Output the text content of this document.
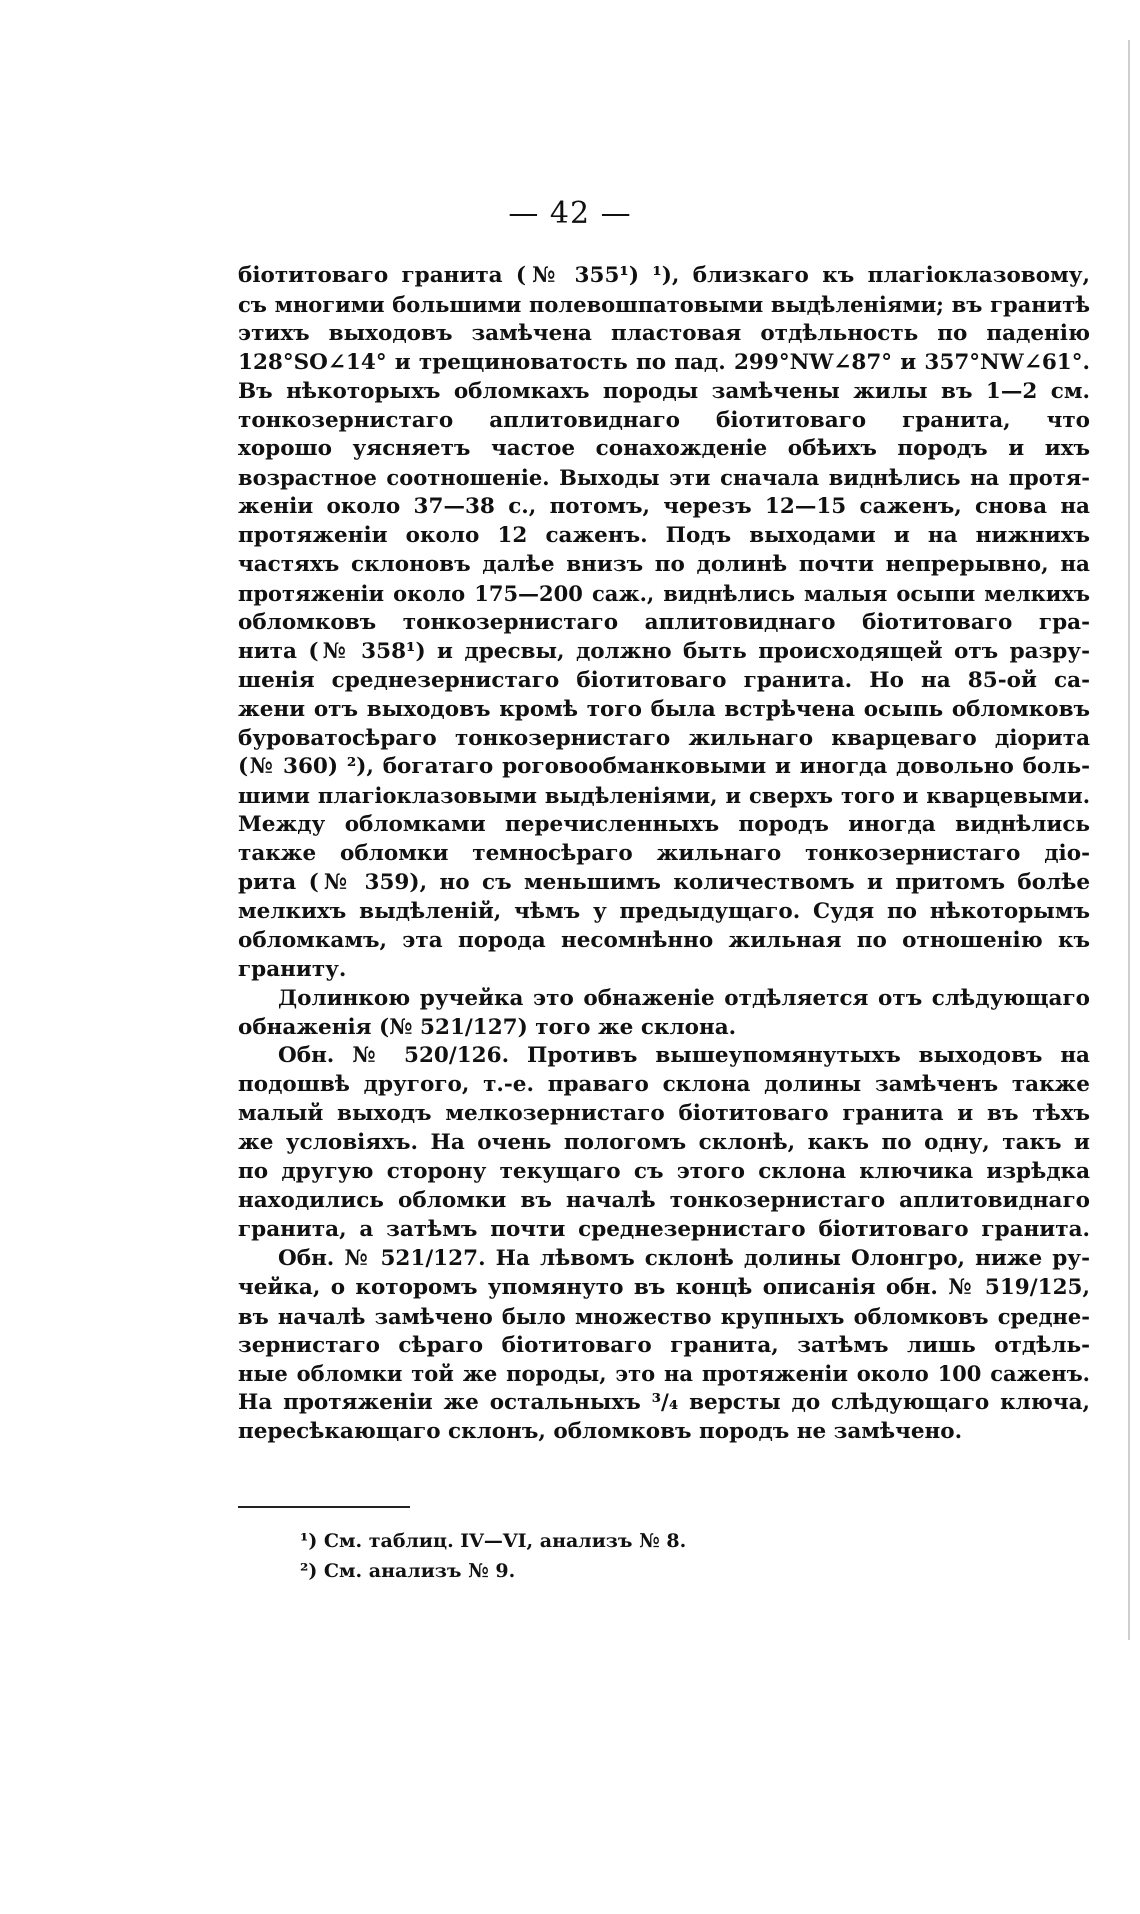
— 42 —
біотитоваго гранита (№ 355¹) ¹), близкаго къ плагіоклазовому,
съ многими большими полевошпатовыми выдѣленіями; въ гранитѣ
этихъ выходовъ замѣчена пластовая отдѣльность по паденію
128°SO∠14° и трещиноватость по пад. 299°NW∠87° и 357°NW∠61°.
Въ нѣкоторыхъ обломкахъ породы замѣчены жилы въ 1—2 см.
тонкозернистаго аплитовиднаго біотитоваго гранита, что
хорошо уясняетъ частое сонахожденіе обѣихъ породъ и ихъ
возрастное соотношеніе. Выходы эти сначала виднѣлись на протя-
женіи около 37—38 с., потомъ, черезъ 12—15 саженъ, снова на
протяженіи около 12 саженъ. Подъ выходами и на нижнихъ
частяхъ склоновъ далѣе внизъ по долинѣ почти непрерывно, на
протяженіи около 175—200 саж., виднѣлись малыя осыпи мелкихъ
обломковъ тонкозернистаго аплитовиднаго біотитоваго гра-
нита (№ 358¹) и дресвы, должно быть происходящей отъ разру-
шенія среднезернистаго біотитоваго гранита. Но на 85-ой са-
жени отъ выходовъ кромѣ того была встрѣчена осыпь обломковъ
буроватосѣраго тонкозернистаго жильнаго кварцеваго діорита
(№ 360) ²), богатаго роговообманковыми и иногда довольно боль-
шими плагіоклазовыми выдѣленіями, и сверхъ того и кварцевыми.
Между обломками перечисленныхъ породъ иногда виднѣлись
также обломки темносѣраго жильнаго тонкозернистаго діо-
рита (№ 359), но съ меньшимъ количествомъ и притомъ болѣе
мелкихъ выдѣленій, чѣмъ у предыдущаго. Судя по нѣкоторымъ
обломкамъ, эта порода несомнѣнно жильная по отношенію къ
граниту.
Долинкою ручейка это обнаженіе отдѣляется отъ слѣдующаго
обнаженія (№ 521/127) того же склона.
Обн. № 520/126. Противъ вышеупомянутыхъ выходовъ на
подошвѣ другого, т.-е. праваго склона долины замѣченъ также
малый выходъ мелкозернистаго біотитоваго гранита и въ тѣхъ
же условіяхъ. На очень пологомъ склонѣ, какъ по одну, такъ и
по другую сторону текущаго съ этого склона ключика изрѣдка
находились обломки въ началѣ тонкозернистаго аплитовиднаго
гранита, а затѣмъ почти среднезернистаго біотитоваго гранита.
Обн. № 521/127. На лѣвомъ склонѣ долины Олонгро, ниже ру-
чейка, о которомъ упомянуто въ концѣ описанія обн. № 519/125,
въ началѣ замѣчено было множество крупныхъ обломковъ средне-
зернистаго сѣраго біотитоваго гранита, затѣмъ лишь отдѣль-
ные обломки той же породы, это на протяженіи около 100 саженъ.
На протяженіи же остальныхъ ³/₄ версты до слѣдующаго ключа,
пересѣкающаго склонъ, обломковъ породъ не замѣчено.
¹) См. таблиц. IV—VI, анализъ № 8.
²) См. анализъ № 9.
